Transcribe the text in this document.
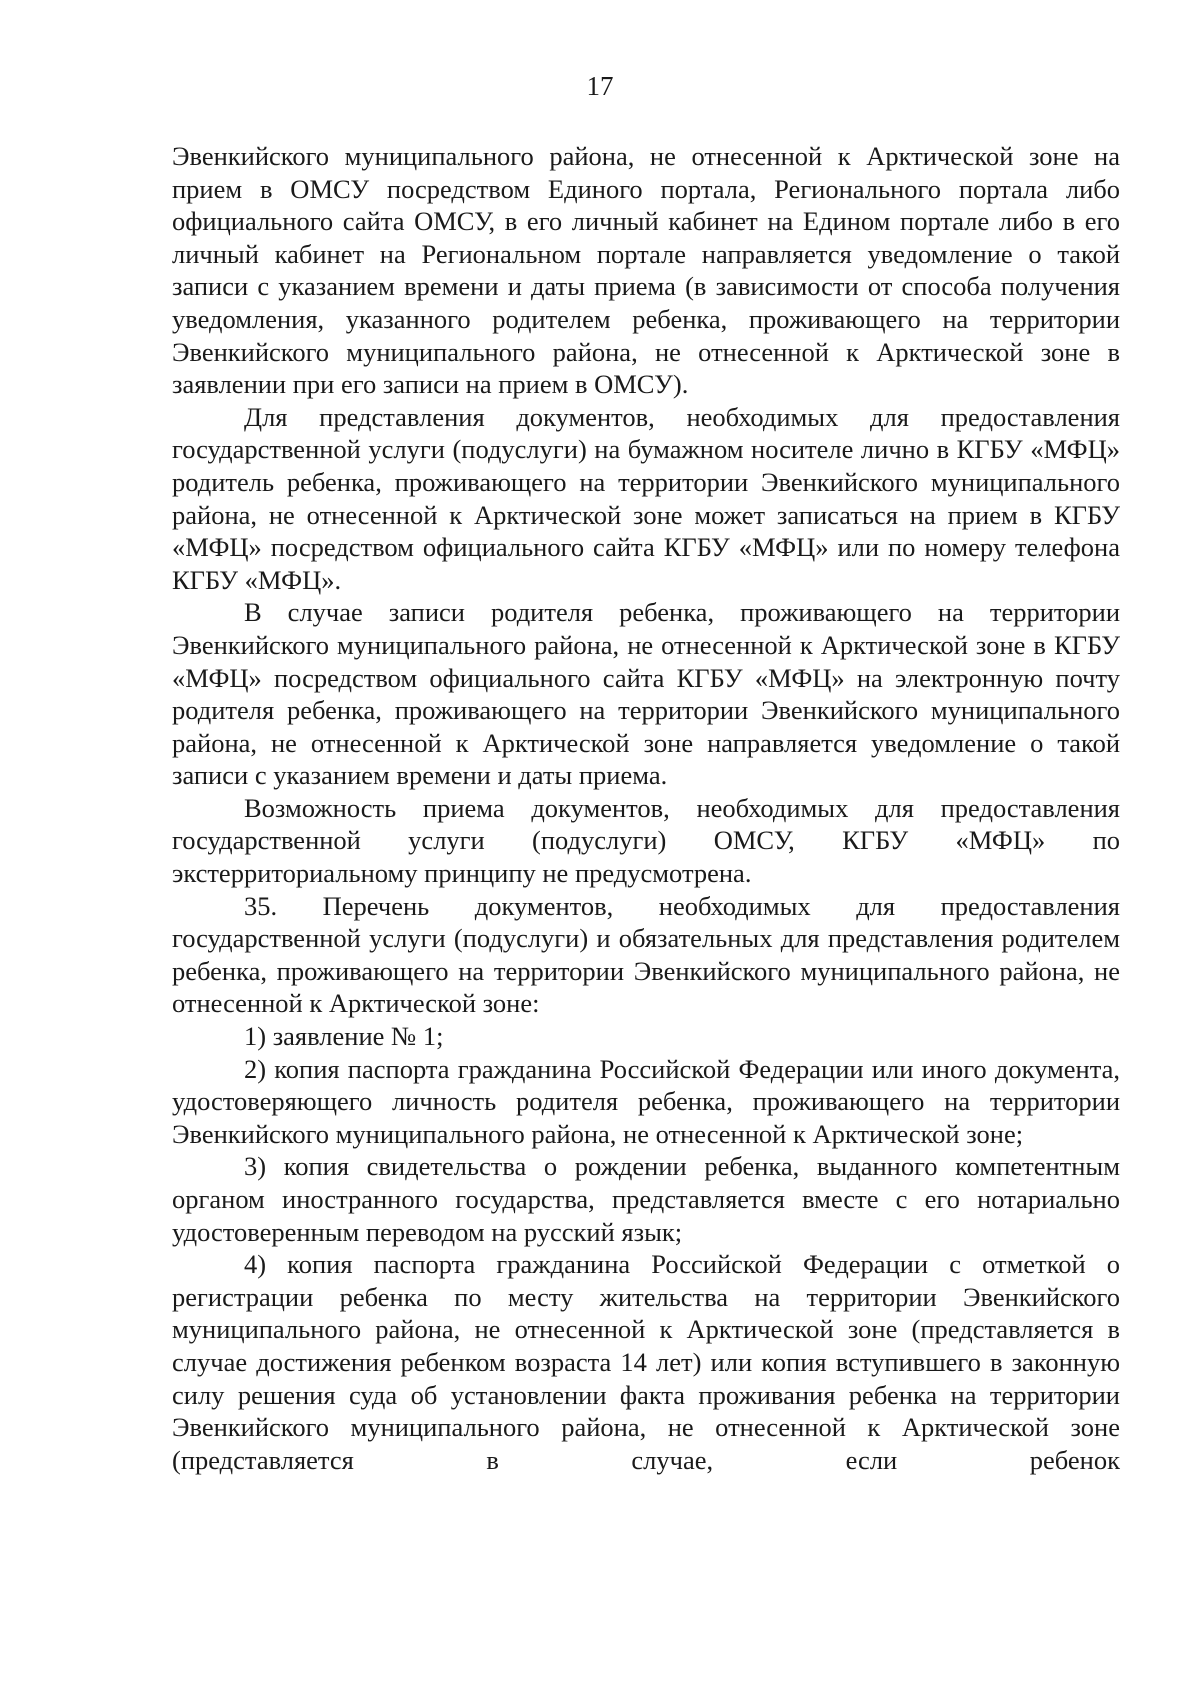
17

Эвенкийского муниципального района, не отнесенной к Арктической зоне на прием в ОМСУ посредством Единого портала, Регионального портала либо официального сайта ОМСУ, в его личный кабинет на Едином портале либо в его личный кабинет на Региональном портале направляется уведомление о такой записи с указанием времени и даты приема (в зависимости от способа получения уведомления, указанного родителем ребенка, проживающего на территории Эвенкийского муниципального района, не отнесенной к Арктической зоне в заявлении при его записи на прием в ОМСУ).

Для представления документов, необходимых для предоставления государственной услуги (подуслуги) на бумажном носителе лично в КГБУ «МФЦ» родитель ребенка, проживающего на территории Эвенкийского муниципального района, не отнесенной к Арктической зоне может записаться на прием в КГБУ «МФЦ» посредством официального сайта КГБУ «МФЦ» или по номеру телефона КГБУ «МФЦ».

В случае записи родителя ребенка, проживающего на территории Эвенкийского муниципального района, не отнесенной к Арктической зоне в КГБУ «МФЦ» посредством официального сайта КГБУ «МФЦ» на электронную почту родителя ребенка, проживающего на территории Эвенкийского муниципального района, не отнесенной к Арктической зоне направляется уведомление о такой записи с указанием времени и даты приема.

Возможность приема документов, необходимых для предоставления государственной услуги (подуслуги) ОМСУ, КГБУ «МФЦ» по экстерриториальному принципу не предусмотрена.

35. Перечень документов, необходимых для предоставления государственной услуги (подуслуги) и обязательных для представления родителем ребенка, проживающего на территории Эвенкийского муниципального района, не отнесенной к Арктической зоне:

1) заявление № 1;

2) копия паспорта гражданина Российской Федерации или иного документа, удостоверяющего личность родителя ребенка, проживающего на территории Эвенкийского муниципального района, не отнесенной к Арктической зоне;

3) копия свидетельства о рождении ребенка, выданного компетентным органом иностранного государства, представляется вместе с его нотариально удостоверенным переводом на русский язык;

4) копия паспорта гражданина Российской Федерации с отметкой о регистрации ребенка по месту жительства на территории Эвенкийского муниципального района, не отнесенной к Арктической зоне (представляется в случае достижения ребенком возраста 14 лет) или копия вступившего в законную силу решения суда об установлении факта проживания ребенка на территории Эвенкийского муниципального района, не отнесенной к Арктической зоне (представляется в случае, если ребенок
